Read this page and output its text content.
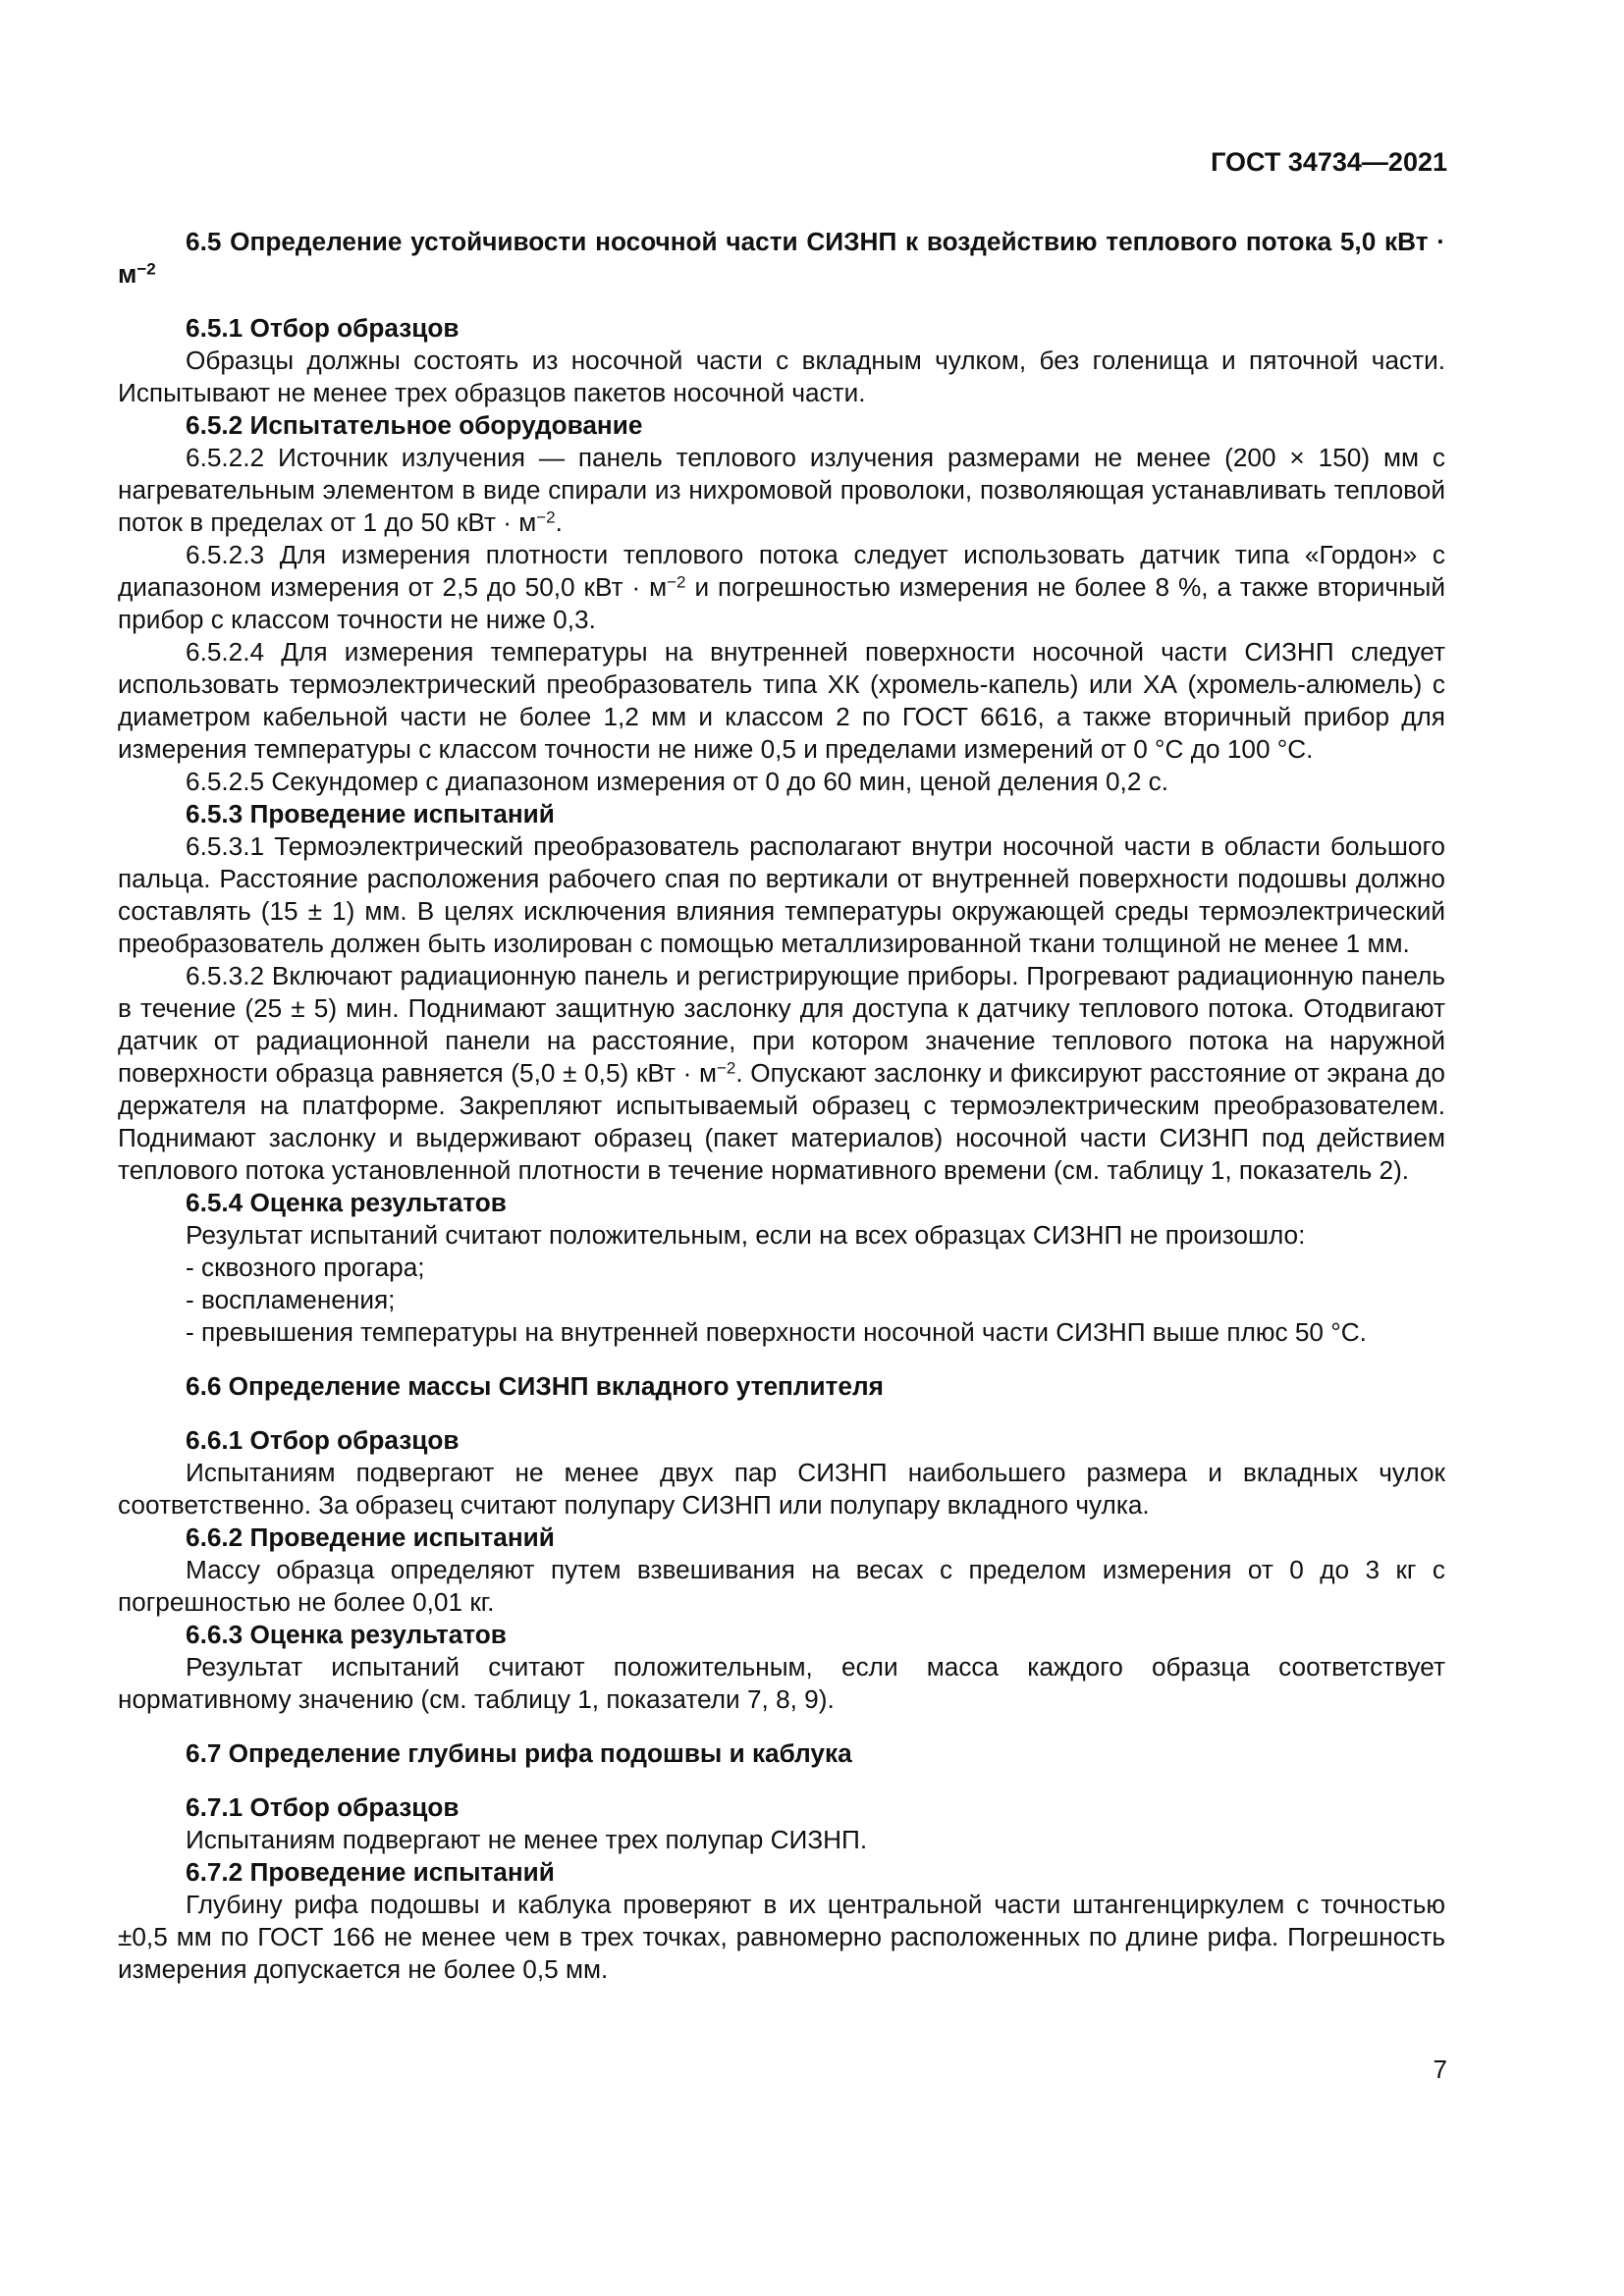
ГОСТ 34734—2021

6.5 Определение устойчивости носочной части СИЗНП к воздействию теплового потока 5,0 кВт · $м^{-2}$

6.5.1 Отбор образцов

Образцы должны состоять из носочной части с вкладным чулком, без голенища и пяточной части. Испытывают не менее трех образцов пакетов носочной части.

6.5.2 Испытательное оборудование

6.5.2.2 Источник излучения — панель теплового излучения размерами не менее (200 × 150) мм с нагревательным элементом в виде спирали из нихромовой проволоки, позволяющая устанавливать тепловой поток в пределах от 1 до 50 кВт · $м^{-2}$.

6.5.2.3 Для измерения плотности теплового потока следует использовать датчик типа «Гордон» с диапазоном измерения от 2,5 до 50,0 кВт · $м^{-2}$ и погрешностью измерения не более 8 %, а также вторичный прибор с классом точности не ниже 0,3.

6.5.2.4 Для измерения температуры на внутренней поверхности носочной части СИЗНП следует использовать термоэлектрический преобразователь типа ХК (хромель-капель) или ХА (хромель-алюмель) с диаметром кабельной части не более 1,2 мм и классом 2 по ГОСТ 6616, а также вторичный прибор для измерения температуры с классом точности не ниже 0,5 и пределами измерений от 0 °С до 100 °С.

6.5.2.5 Секундомер с диапазоном измерения от 0 до 60 мин, ценой деления 0,2 с.

6.5.3 Проведение испытаний

6.5.3.1 Термоэлектрический преобразователь располагают внутри носочной части в области большого пальца. Расстояние расположения рабочего спая по вертикали от внутренней поверхности подошвы должно составлять (15 ± 1) мм. В целях исключения влияния температуры окружающей среды термоэлектрический преобразователь должен быть изолирован с помощью металлизированной ткани толщиной не менее 1 мм.

6.5.3.2 Включают радиационную панель и регистрирующие приборы. Прогревают радиационную панель в течение (25 ± 5) мин. Поднимают защитную заслонку для доступа к датчику теплового потока. Отодвигают датчик от радиационной панели на расстояние, при котором значение теплового потока на наружной поверхности образца равняется (5,0 ± 0,5) кВт · $м^{-2}$. Опускают заслонку и фиксируют расстояние от экрана до держателя на платформе. Закрепляют испытываемый образец с термоэлектрическим преобразователем. Поднимают заслонку и выдерживают образец (пакет материалов) носочной части СИЗНП под действием теплового потока установленной плотности в течение нормативного времени (см. таблицу 1, показатель 2).

6.5.4 Оценка результатов

Результат испытаний считают положительным, если на всех образцах СИЗНП не произошло:

- сквозного прогара;

- воспламенения;

- превышения температуры на внутренней поверхности носочной части СИЗНП выше плюс 50 °С.

6.6 Определение массы СИЗНП вкладного утеплителя

6.6.1 Отбор образцов

Испытаниям подвергают не менее двух пар СИЗНП наибольшего размера и вкладных чулок соответственно. За образец считают полупару СИЗНП или полупару вкладного чулка.

6.6.2 Проведение испытаний

Массу образца определяют путем взвешивания на весах с пределом измерения от 0 до 3 кг с погрешностью не более 0,01 кг.

6.6.3 Оценка результатов

Результат испытаний считают положительным, если масса каждого образца соответствует нормативному значению (см. таблицу 1, показатели 7, 8, 9).

6.7 Определение глубины рифа подошвы и каблука

6.7.1 Отбор образцов

Испытаниям подвергают не менее трех полупар СИЗНП.

6.7.2 Проведение испытаний

Глубину рифа подошвы и каблука проверяют в их центральной части штангенциркулем с точностью ±0,5 мм по ГОСТ 166 не менее чем в трех точках, равномерно расположенных по длине рифа. Погрешность измерения допускается не более 0,5 мм.

7
